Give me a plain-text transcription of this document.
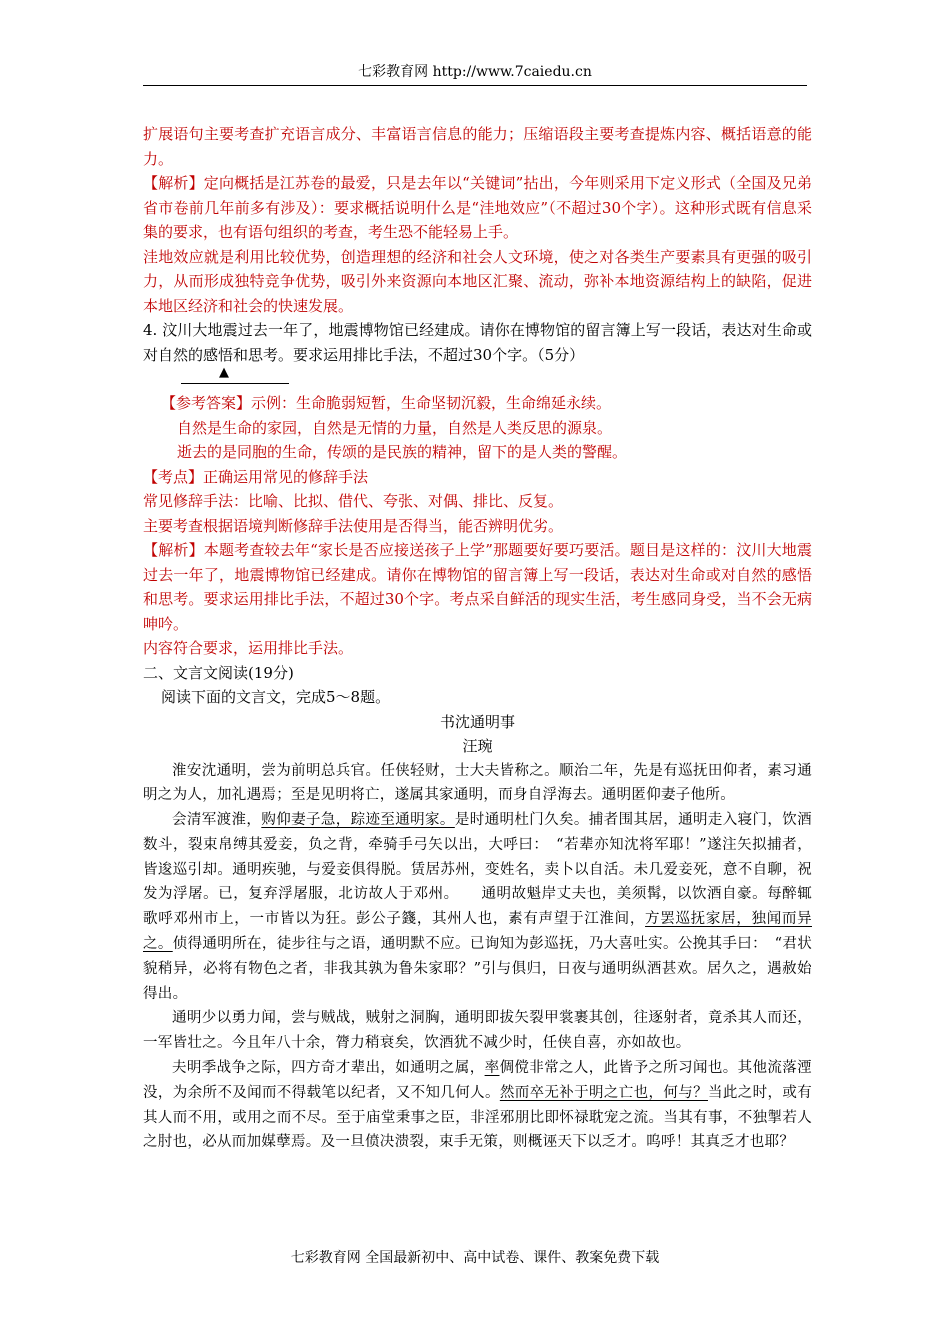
七彩教育网 http://www.7caiedu.cn

扩展语句主要考查扩充语言成分、丰富语言信息的能力；压缩语段主要考查提炼内容、概括语意的能力。

【解析】定向概括是江苏卷的最爱，只是去年以“关键词”拈出，今年则采用下定义形式（全国及兄弟省市卷前几年前多有涉及）：要求概括说明什么是“洼地效应”（不超过30个字）。这种形式既有信息采集的要求，也有语句组织的考查，考生恐不能轻易上手。

洼地效应就是利用比较优势，创造理想的经济和社会人文环境，使之对各类生产要素具有更强的吸引力，从而形成独特竞争优势，吸引外来资源向本地区汇聚、流动，弥补本地资源结构上的缺陷，促进本地区经济和社会的快速发展。

4. 汶川大地震过去一年了，地震博物馆已经建成。请你在博物馆的留言簿上写一段话，表达对生命或对自然的感悟和思考。要求运用排比手法，不超过30个字。（5分）

▲

【参考答案】示例：生命脆弱短暂，生命坚韧沉毅，生命绵延永续。

自然是生命的家园，自然是无情的力量，自然是人类反思的源泉。

逝去的是同胞的生命，传颂的是民族的精神，留下的是人类的警醒。

【考点】正确运用常见的修辞手法

常见修辞手法：比喻、比拟、借代、夸张、对偶、排比、反复。

主要考查根据语境判断修辞手法使用是否得当，能否辨明优劣。

【解析】本题考查较去年“家长是否应接送孩子上学”那题要好要巧要活。题目是这样的：汶川大地震过去一年了，地震博物馆已经建成。请你在博物馆的留言簿上写一段话，表达对生命或对自然的感悟和思考。要求运用排比手法，不超过30个字。考点采自鲜活的现实生活，考生感同身受，当不会无病呻吟。

内容符合要求，运用排比手法。

二、文言文阅读(19分)

阅读下面的文言文，完成5～8题。

书沈通明事

汪琬

淮安沈通明，尝为前明总兵官。任侠轻财，士大夫皆称之。顺治二年，先是有巡抚田仰者，素习通明之为人，加礼遇焉；至是见明将亡，遂属其家通明，而身自浮海去。通明匿仰妻子他所。

会清军渡淮，购仰妻子急，踪迹至通明家。是时通明杜门久矣。捕者围其居，通明走入寝门，饮酒数斗，裂束帛缚其爱妾，负之背，牵骑手弓矢以出，大呼曰：　“若辈亦知沈将军耶！”遂注矢拟捕者，皆逡巡引却。通明疾驰，与爱妾俱得脱。赁居苏州，变姓名，卖卜以自活。未几爱妾死，意不自聊，祝发为浮屠。已，复弃浮屠服，北访故人于邓州。　　通明故魁岸丈夫也，美须髯，以饮酒自豪。每醉辄歌呼邓州市上，一市皆以为狂。彭公子籛，其州人也，素有声望于江淮间，方罢巡抚家居，独闻而异之。侦得通明所在，徒步往与之语，通明默不应。已询知为彭巡抚，乃大喜吐实。公挽其手曰：　“君状貌稍异，必将有物色之者，非我其孰为鲁朱家耶？”引与俱归，日夜与通明纵酒甚欢。居久之，遇赦始得出。

通明少以勇力闻，尝与贼战，贼射之洞胸，通明即拔矢裂甲裳裹其创，往逐射者，竟杀其人而还，一军皆壮之。今且年八十余，膂力稍衰矣，饮酒犹不减少时，任侠自喜，亦如故也。

夫明季战争之际，四方奇才辈出，如通明之属，率倜傥非常之人，此皆予之所习闻也。其他流落湮没，为余所不及闻而不得载笔以纪者，又不知几何人。然而卒无补于明之亡也，何与？当此之时，或有其人而不用，或用之而不尽。至于庙堂秉事之臣，非淫邪朋比即怀禄耽宠之流。当其有事，不独掣若人之肘也，必从而加媒孽焉。及一旦偾决溃裂，束手无策，则概诬天下以乏才。呜呼！其真乏才也耶？

七彩教育网 全国最新初中、高中试卷、课件、教案免费下载
